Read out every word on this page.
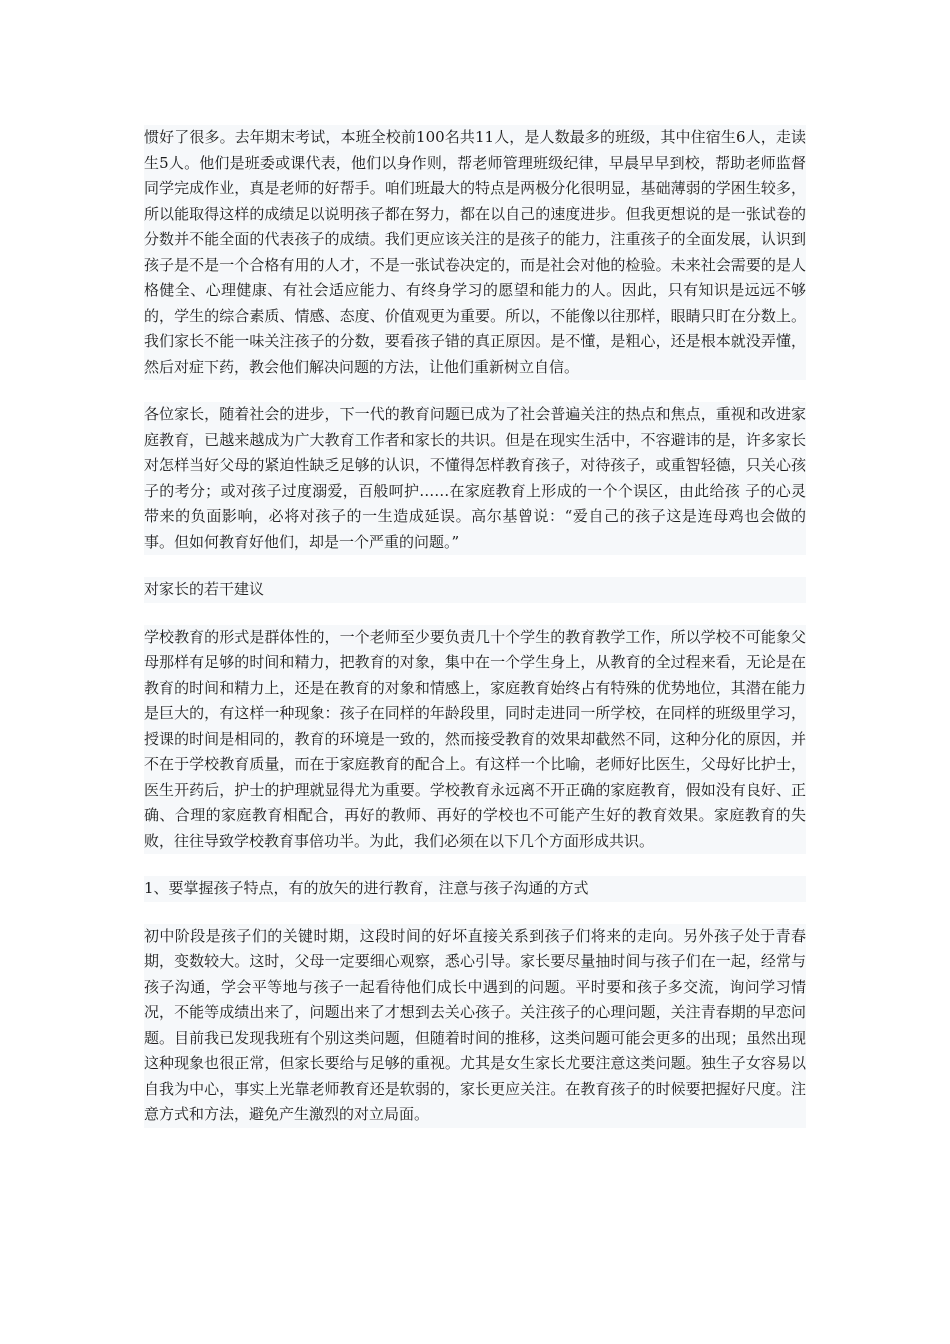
惯好了很多。去年期末考试，本班全校前100名共11人，是人数最多的班级，其中住宿生6人，走读生5人。他们是班委或课代表，他们以身作则，帮老师管理班级纪律，早晨早早到校，帮助老师监督同学完成作业，真是老师的好帮手。咱们班最大的特点是两极分化很明显，基础薄弱的学困生较多，所以能取得这样的成绩足以说明孩子都在努力，都在以自己的速度进步。但我更想说的是一张试卷的分数并不能全面的代表孩子的成绩。我们更应该关注的是孩子的能力，注重孩子的全面发展，认识到孩子是不是一个合格有用的人才，不是一张试卷决定的，而是社会对他的检验。未来社会需要的是人格健全、心理健康、有社会适应能力、有终身学习的愿望和能力的人。因此，只有知识是远远不够的，学生的综合素质、情感、态度、价值观更为重要。所以，不能像以往那样，眼睛只盯在分数上。我们家长不能一味关注孩子的分数，要看孩子错的真正原因。是不懂，是粗心，还是根本就没弄懂，然后对症下药，教会他们解决问题的方法，让他们重新树立自信。

各位家长，随着社会的进步，下一代的教育问题已成为了社会普遍关注的热点和焦点，重视和改进家庭教育，已越来越成为广大教育工作者和家长的共识。但是在现实生活中，不容避讳的是，许多家长对怎样当好父母的紧迫性缺乏足够的认识，不懂得怎样教育孩子，对待孩子，或重智轻德，只关心孩子的考分；或对孩子过度溺爱，百般呵护……在家庭教育上形成的一个个误区，由此给孩 子的心灵带来的负面影响，必将对孩子的一生造成延误。高尔基曾说：“爱自己的孩子这是连母鸡也会做的事。但如何教育好他们，却是一个严重的问题。”

对家长的若干建议

学校教育的形式是群体性的，一个老师至少要负责几十个学生的教育教学工作，所以学校不可能象父母那样有足够的时间和精力，把教育的对象，集中在一个学生身上，从教育的全过程来看，无论是在教育的时间和精力上，还是在教育的对象和情感上，家庭教育始终占有特殊的优势地位，其潜在能力是巨大的，有这样一种现象：孩子在同样的年龄段里，同时走进同一所学校，在同样的班级里学习，授课的时间是相同的，教育的环境是一致的，然而接受教育的效果却截然不同，这种分化的原因，并不在于学校教育质量，而在于家庭教育的配合上。有这样一个比喻，老师好比医生，父母好比护士，医生开药后，护士的护理就显得尤为重要。学校教育永远离不开正确的家庭教育，假如没有良好、正确、合理的家庭教育相配合，再好的教师、再好的学校也不可能产生好的教育效果。家庭教育的失败，往往导致学校教育事倍功半。为此，我们必须在以下几个方面形成共识。

1、要掌握孩子特点，有的放矢的进行教育，注意与孩子沟通的方式

初中阶段是孩子们的关键时期，这段时间的好坏直接关系到孩子们将来的走向。另外孩子处于青春期，变数较大。这时，父母一定要细心观察，悉心引导。家长要尽量抽时间与孩子们在一起，经常与孩子沟通，学会平等地与孩子一起看待他们成长中遇到的问题。平时要和孩子多交流，询问学习情况，不能等成绩出来了，问题出来了才想到去关心孩子。关注孩子的心理问题，关注青春期的早恋问题。目前我已发现我班有个别这类问题，但随着时间的推移，这类问题可能会更多的出现；虽然出现这种现象也很正常，但家长要给与足够的重视。尤其是女生家长尤要注意这类问题。独生子女容易以自我为中心，事实上光靠老师教育还是软弱的，家长更应关注。在教育孩子的时候要把握好尺度。注意方式和方法，避免产生激烈的对立局面。
